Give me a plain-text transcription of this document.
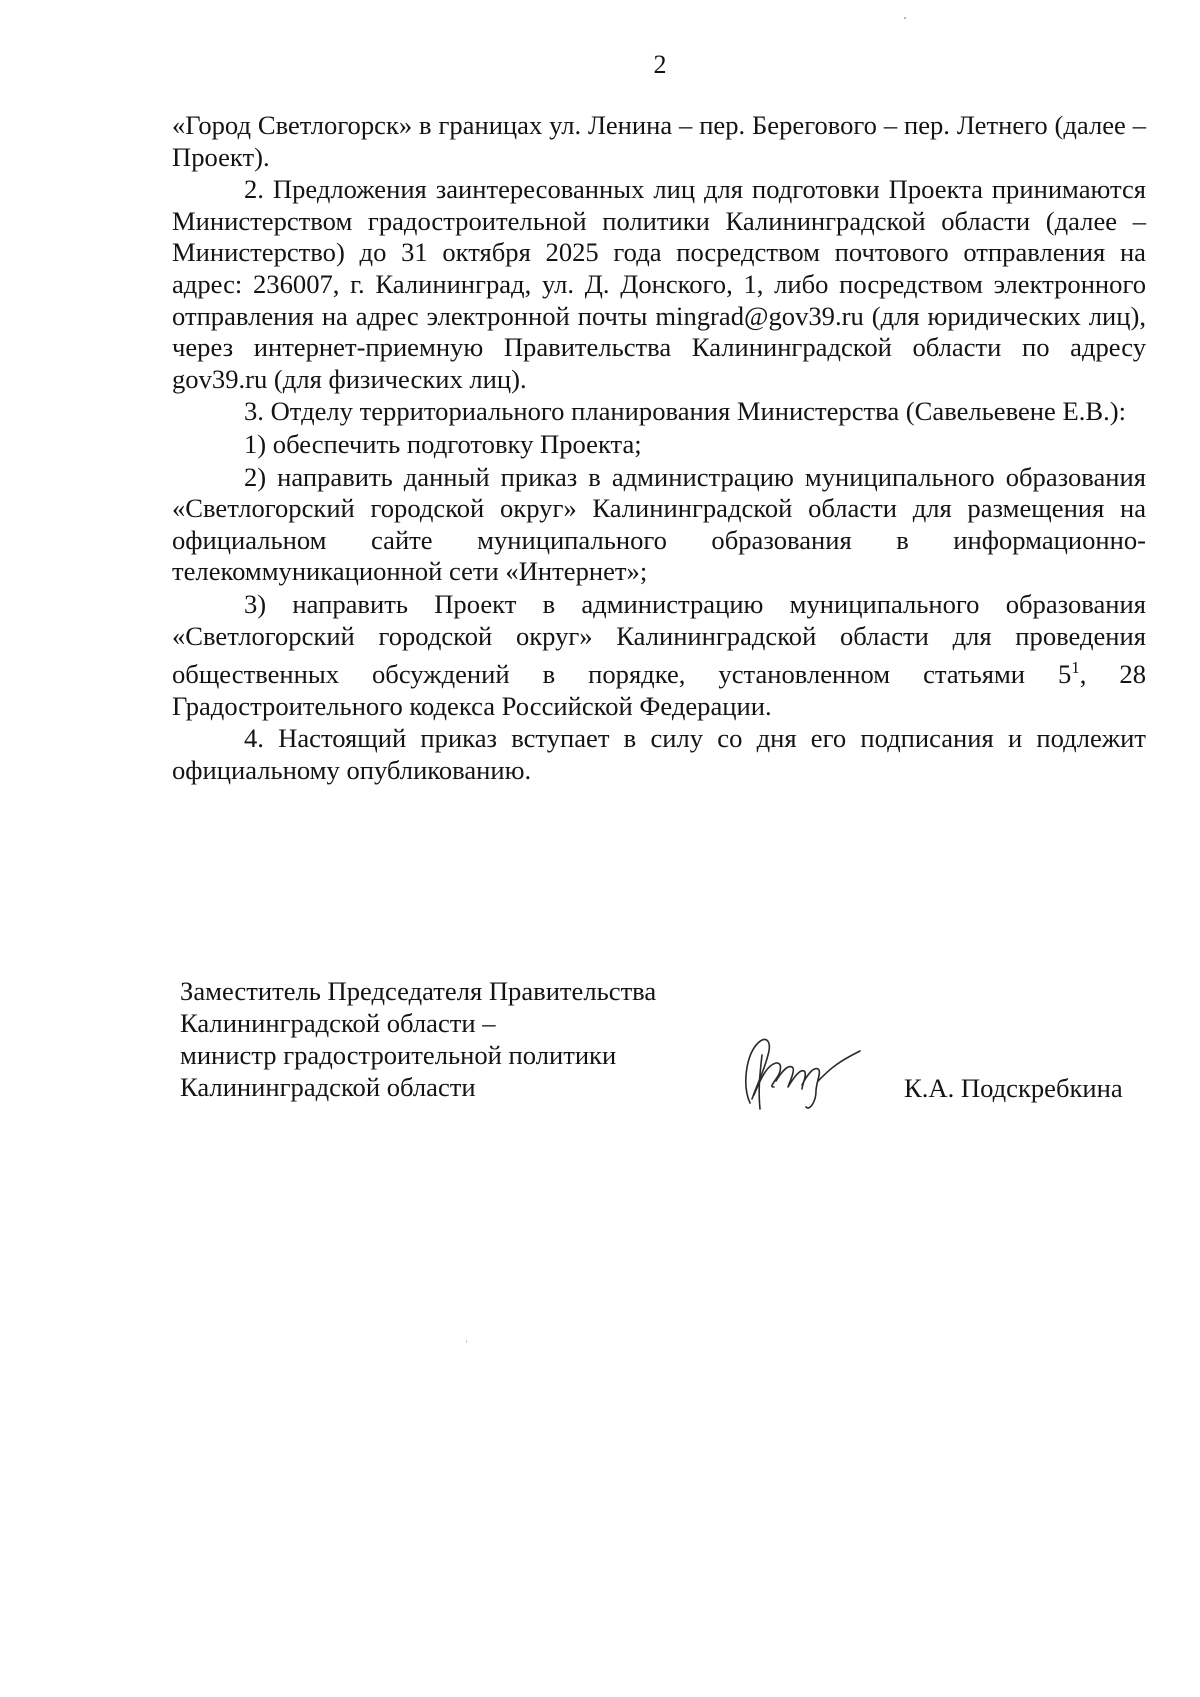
2

«Город Светлогорск» в границах ул. Ленина – пер. Берегового – пер. Летнего (далее – Проект).

2. Предложения заинтересованных лиц для подготовки Проекта принимаются Министерством градостроительной политики Калининградской области (далее – Министерство) до 31 октября 2025 года посредством почтового отправления на адрес: 236007, г. Калининград, ул. Д. Донского, 1, либо посредством электронного отправления на адрес электронной почты mingrad@gov39.ru (для юридических лиц), через интернет-приемную Правительства Калининградской области по адресу gov39.ru (для физических лиц).

3. Отделу территориального планирования Министерства (Савельевене Е.В.):

1) обеспечить подготовку Проекта;

2) направить данный приказ в администрацию муниципального образования «Светлогорский городской округ» Калининградской области для размещения на официальном сайте муниципального образования в информационно-телекоммуникационной сети «Интернет»;

3) направить Проект в администрацию муниципального образования «Светлогорский городской округ» Калининградской области для проведения общественных обсуждений в порядке, установленном статьями $5^1$, 28 Градостроительного кодекса Российской Федерации.

4. Настоящий приказ вступает в силу со дня его подписания и подлежит официальному опубликованию.

Заместитель Председателя Правительства
Калининградской области –
министр градостроительной политики
Калининградской области	К.А. Подскребкина
